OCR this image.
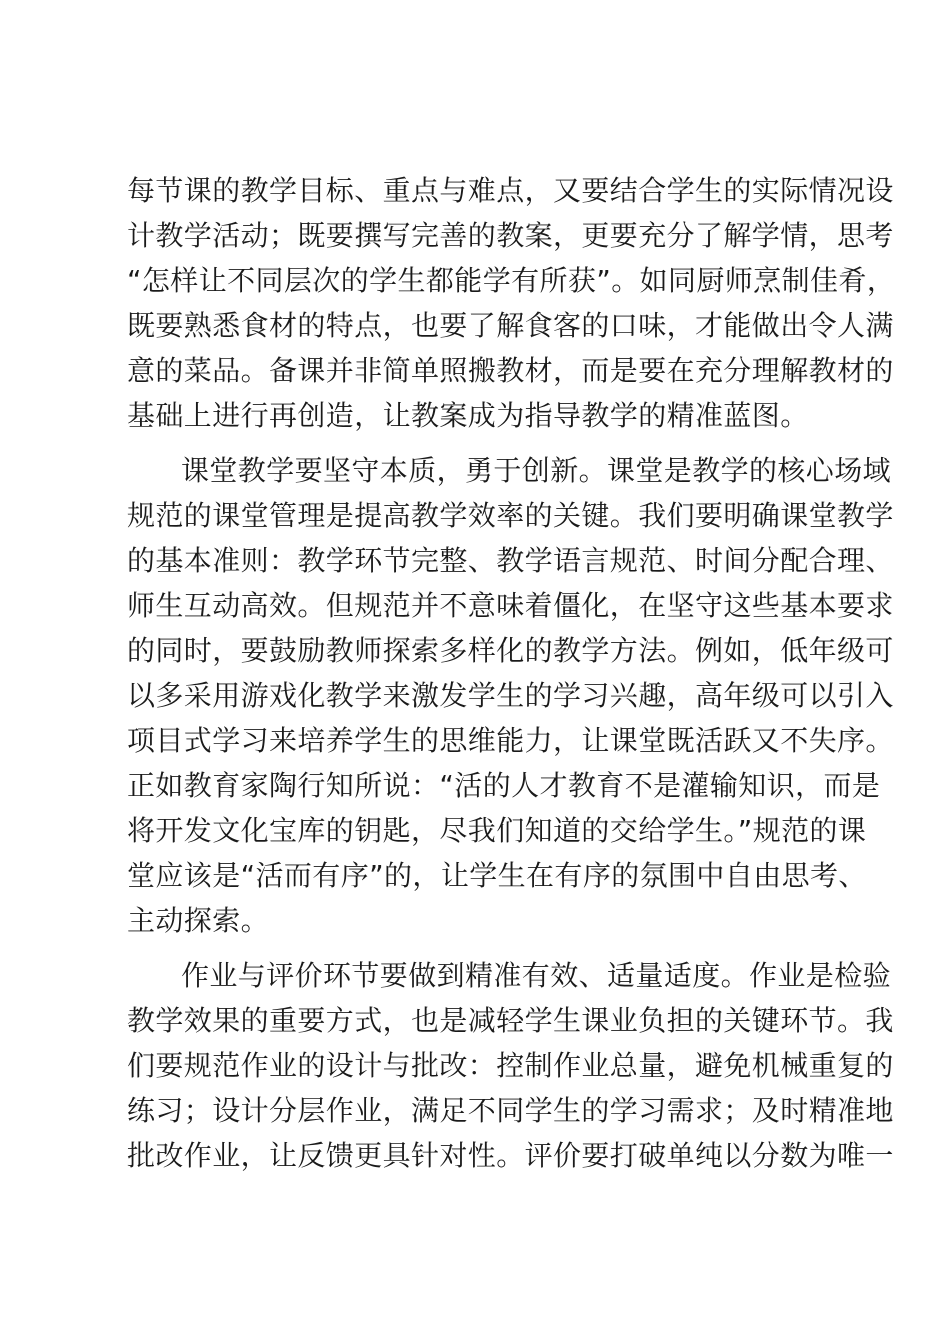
每节课的教学目标、重点与难点，又要结合学生的实际情况设
计教学活动；既要撰写完善的教案，更要充分了解学情，思考
“怎样让不同层次的学生都能学有所获”。如同厨师烹制佳肴，
既要熟悉食材的特点，也要了解食客的口味，才能做出令人满
意的菜品。备课并非简单照搬教材，而是要在充分理解教材的
基础上进行再创造，让教案成为指导教学的精准蓝图。
课堂教学要坚守本质，勇于创新。课堂是教学的核心场域
规范的课堂管理是提高教学效率的关键。我们要明确课堂教学
的基本准则：教学环节完整、教学语言规范、时间分配合理、
师生互动高效。但规范并不意味着僵化，在坚守这些基本要求
的同时，要鼓励教师探索多样化的教学方法。例如，低年级可
以多采用游戏化教学来激发学生的学习兴趣，高年级可以引入
项目式学习来培养学生的思维能力，让课堂既活跃又不失序。
正如教育家陶行知所说：“活的人才教育不是灌输知识，而是
将开发文化宝库的钥匙，尽我们知道的交给学生。”规范的课
堂应该是“活而有序”的，让学生在有序的氛围中自由思考、
主动探索。
作业与评价环节要做到精准有效、适量适度。作业是检验
教学效果的重要方式，也是减轻学生课业负担的关键环节。我
们要规范作业的设计与批改：控制作业总量，避免机械重复的
练习；设计分层作业，满足不同学生的学习需求；及时精准地
批改作业，让反馈更具针对性。评价要打破单纯以分数为唯一
